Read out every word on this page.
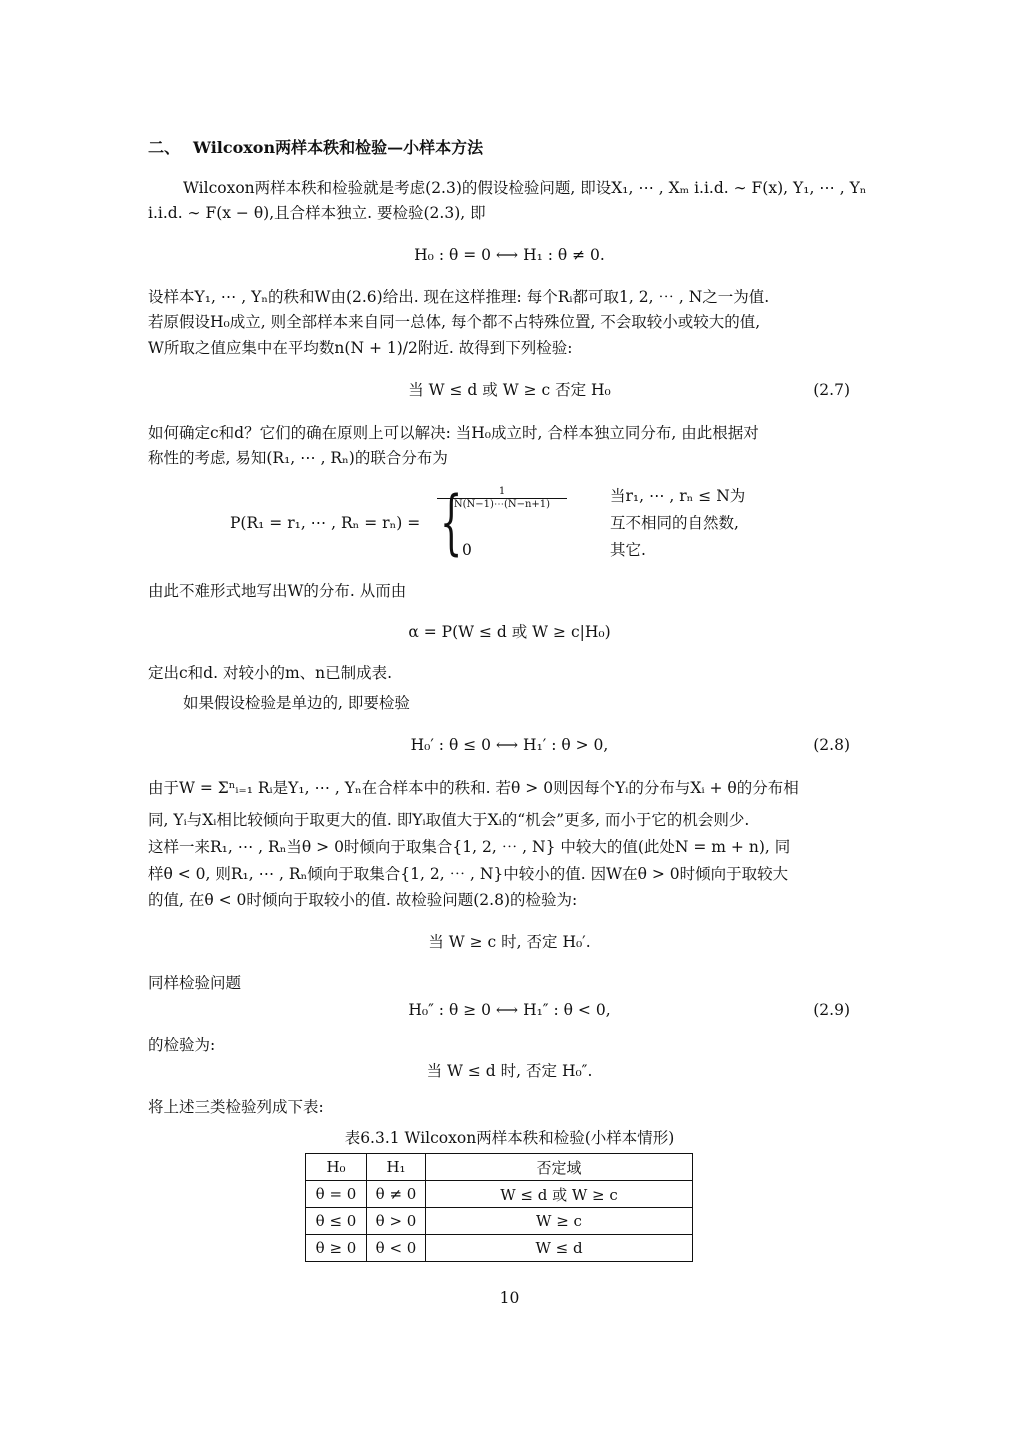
二、 Wilcoxon两样本秩和检验—小样本方法
Wilcoxon两样本秩和检验就是考虑(2.3)的假设检验问题, 即设X₁, ⋯ , Xₘ i.i.d. ∼ F(x), Y₁, ⋯ , Yₙ
i.i.d. ∼ F(x − θ),且合样本独立. 要检验(2.3), 即
H₀ : θ = 0 ⟷ H₁ : θ ≠ 0.
设样本Y₁, ⋯ , Yₙ的秩和W由(2.6)给出. 现在这样推理: 每个Rᵢ都可取1, 2, ⋯ , N之一为值.
若原假设H₀成立, 则全部样本来自同一总体, 每个都不占特殊位置, 不会取较小或较大的值,
W所取之值应集中在平均数n(N + 1)/2附近. 故得到下列检验:
当 W ≤ d 或 W ≥ c 否定 H₀	(2.7)
如何确定c和d？它们的确在原则上可以解决: 当H₀成立时, 合样本独立同分布, 由此根据对
称性的考虑, 易知(R₁, ⋯ , Rₙ)的联合分布为
P(R₁ = r₁, ⋯ , Rₙ = rₙ) = {
$\frac{1}{N(N-1)\cdots(N-n+1)}$	当r₁, ⋯ , rₙ ≤ N为
互不相同的自然数,
0	其它.
由此不难形式地写出W的分布. 从而由
α = P(W ≤ d 或 W ≥ c|H₀)
定出c和d. 对较小的m、n已制成表.
如果假设检验是单边的, 即要检验
H₀′ : θ ≤ 0 ⟷ H₁′ : θ > 0,	(2.8)
由于W = Σⁿᵢ₌₁ Rᵢ是Y₁, ⋯ , Yₙ在合样本中的秩和. 若θ > 0则因每个Yᵢ的分布与Xᵢ + θ的分布相
同, Yᵢ与Xᵢ相比较倾向于取更大的值. 即Yᵢ取值大于Xᵢ的“机会”更多, 而小于它的机会则少.
这样一来R₁, ⋯ , Rₙ当θ > 0时倾向于取集合{1, 2, ⋯ , N} 中较大的值(此处N = m + n), 同
样θ < 0, 则R₁, ⋯ , Rₙ倾向于取集合{1, 2, ⋯ , N}中较小的值. 因W在θ > 0时倾向于取较大
的值, 在θ < 0时倾向于取较小的值. 故检验问题(2.8)的检验为:
当 W ≥ c 时, 否定 H₀′.
同样检验问题
H₀″ : θ ≥ 0 ⟷ H₁″ : θ < 0,	(2.9)
的检验为:
当 W ≤ d 时, 否定 H₀″.
将上述三类检验列成下表:
表6.3.1 Wilcoxon两样本秩和检验(小样本情形)
H₀	H₁	否定域
θ = 0	θ ≠ 0	W ≤ d 或 W ≥ c
θ ≤ 0	θ > 0	W ≥ c
θ ≥ 0	θ < 0	W ≤ d
10
